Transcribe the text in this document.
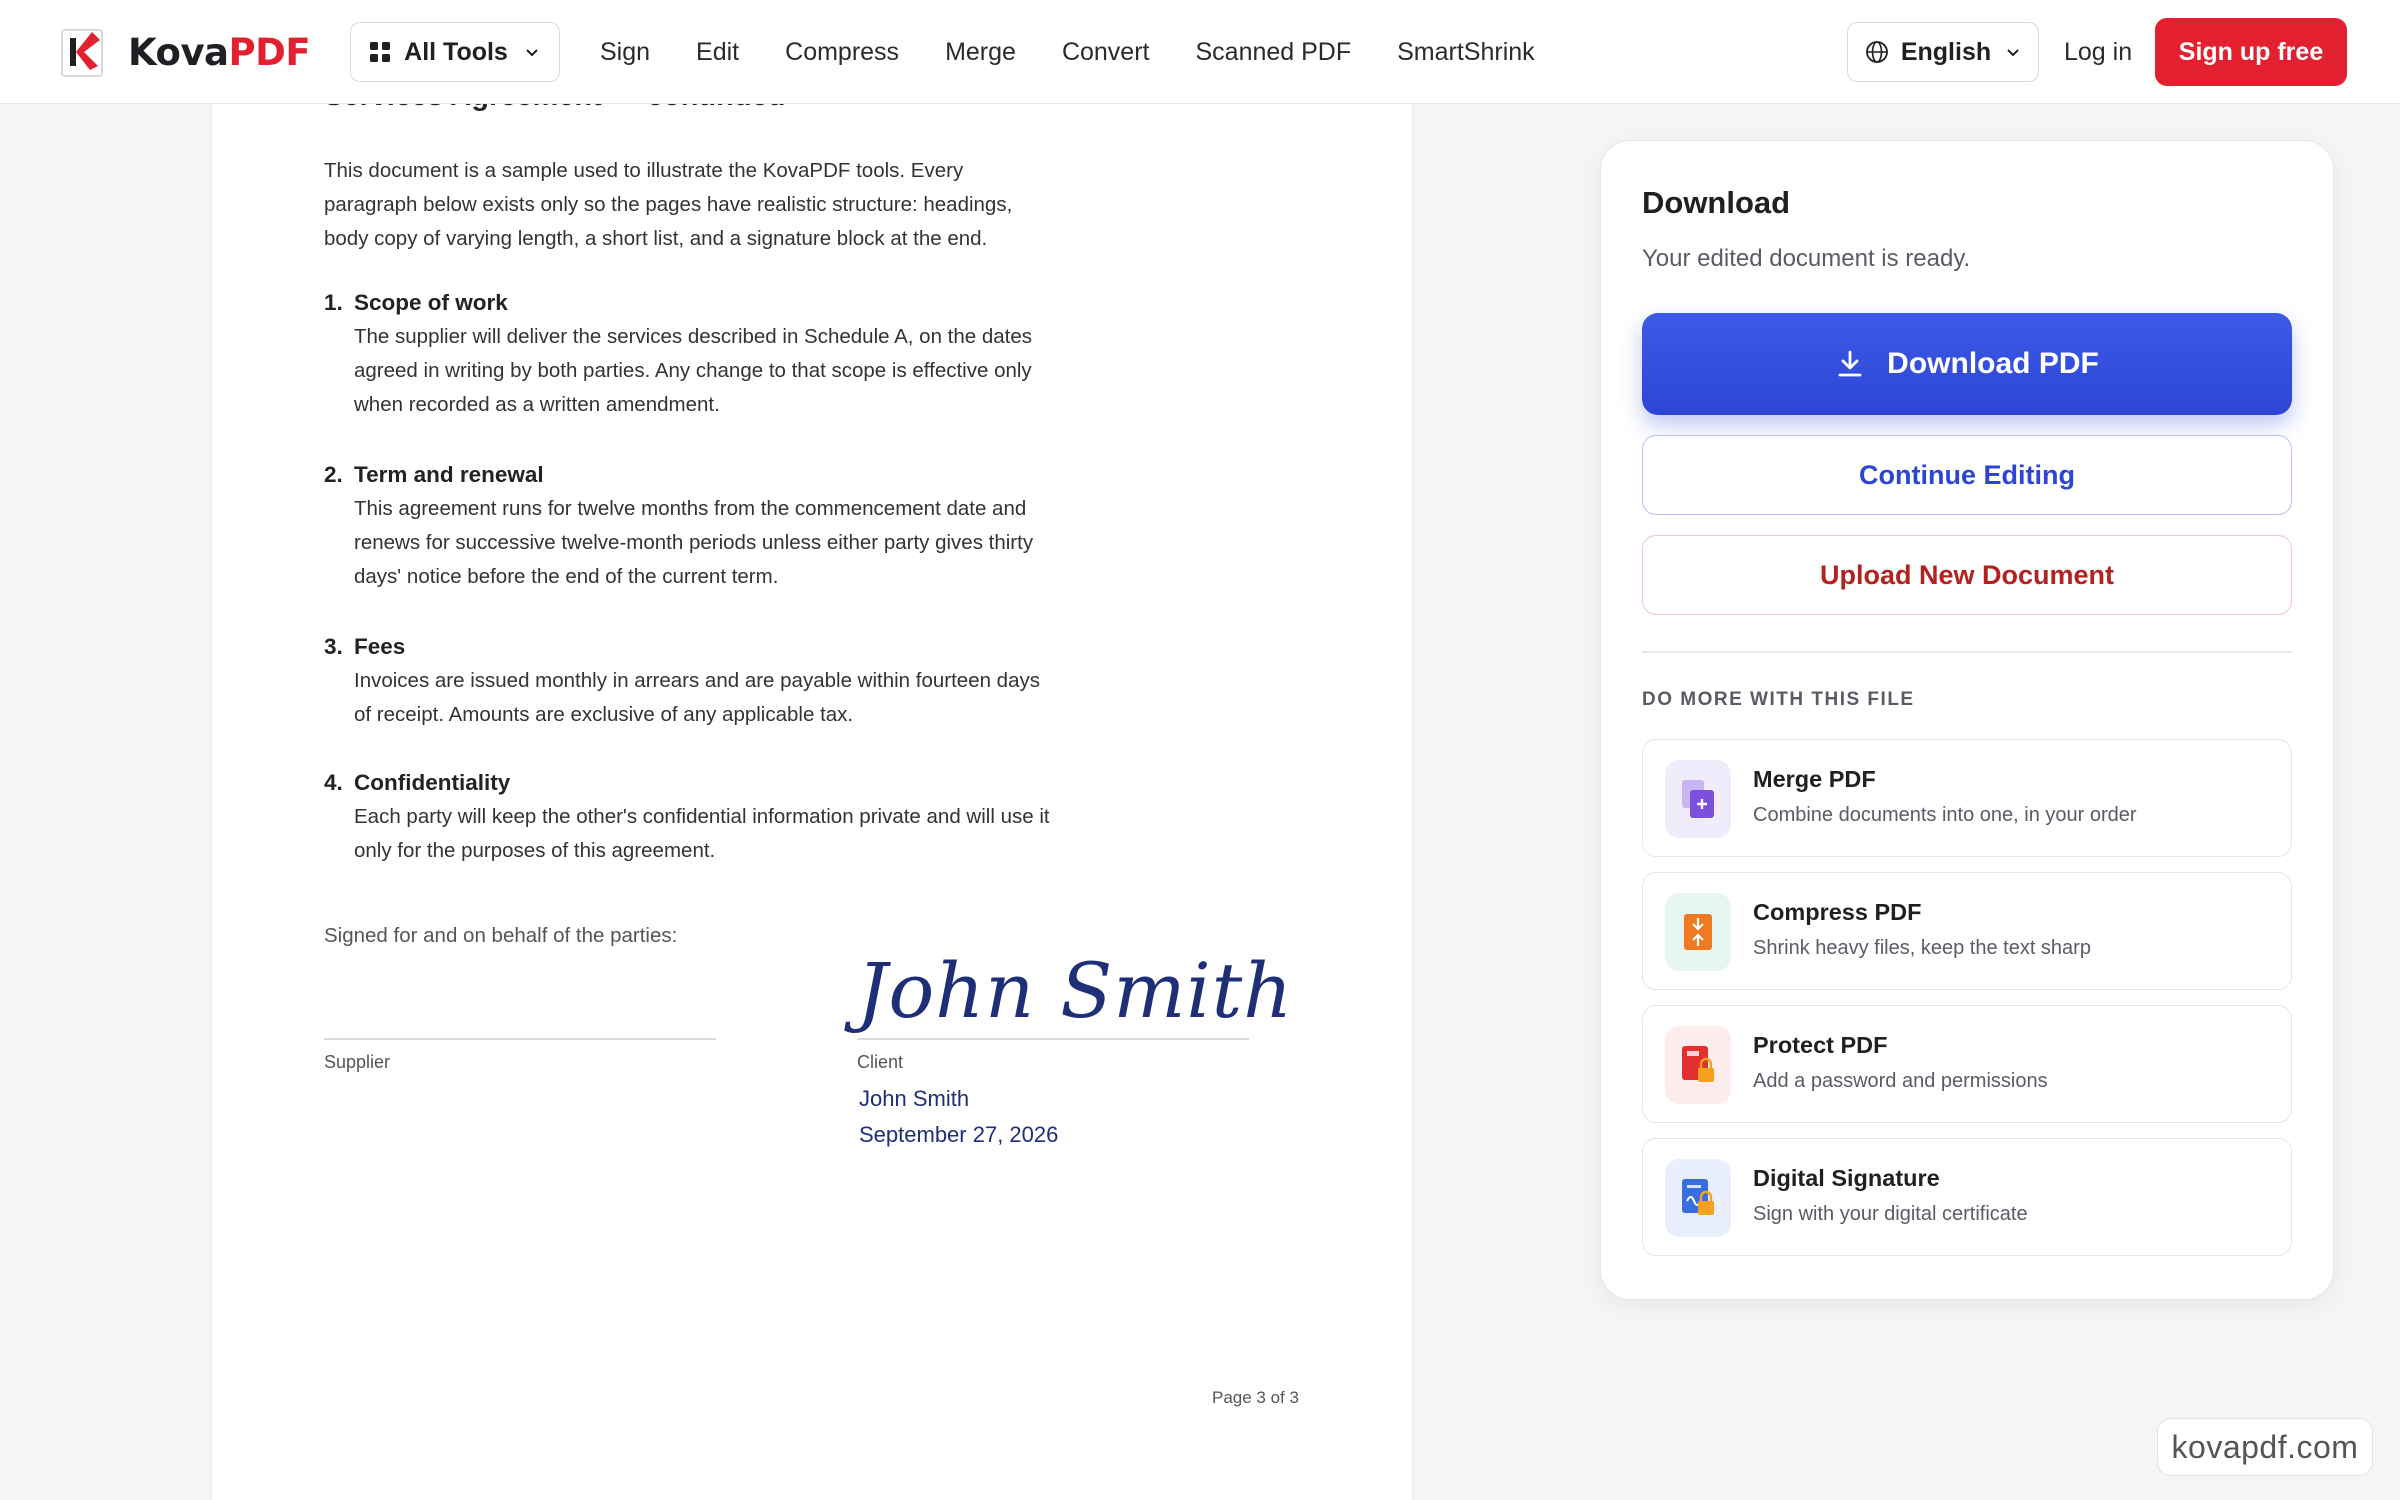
KovaPDF	All Tools	Sign Edit Compress Merge Convert Scanned PDF SmartShrink	English	Log in	Sign up free
This document is a sample used to illustrate the KovaPDF tools. Every paragraph below exists only so the pages have realistic structure: headings, body copy of varying length, a short list, and a signature block at the end.
1. Scope of work
The supplier will deliver the services described in Schedule A, on the dates agreed in writing by both parties. Any change to that scope is effective only when recorded as a written amendment.
2. Term and renewal
This agreement runs for twelve months from the commencement date and renews for successive twelve-month periods unless either party gives thirty days' notice before the end of the current term.
3. Fees
Invoices are issued monthly in arrears and are payable within fourteen days of receipt. Amounts are exclusive of any applicable tax.
4. Confidentiality
Each party will keep the other's confidential information private and will use it only for the purposes of this agreement.
Signed for and on behalf of the parties:
Supplier
John Smith
Client
John Smith
September 27, 2026
Page 3 of 3
Download
Your edited document is ready.
Download PDF
Continue Editing
Upload New Document
DO MORE WITH THIS FILE
Merge PDF
Combine documents into one, in your order
Compress PDF
Shrink heavy files, keep the text sharp
Protect PDF
Add a password and permissions
Digital Signature
Sign with your digital certificate
kovapdf.com
